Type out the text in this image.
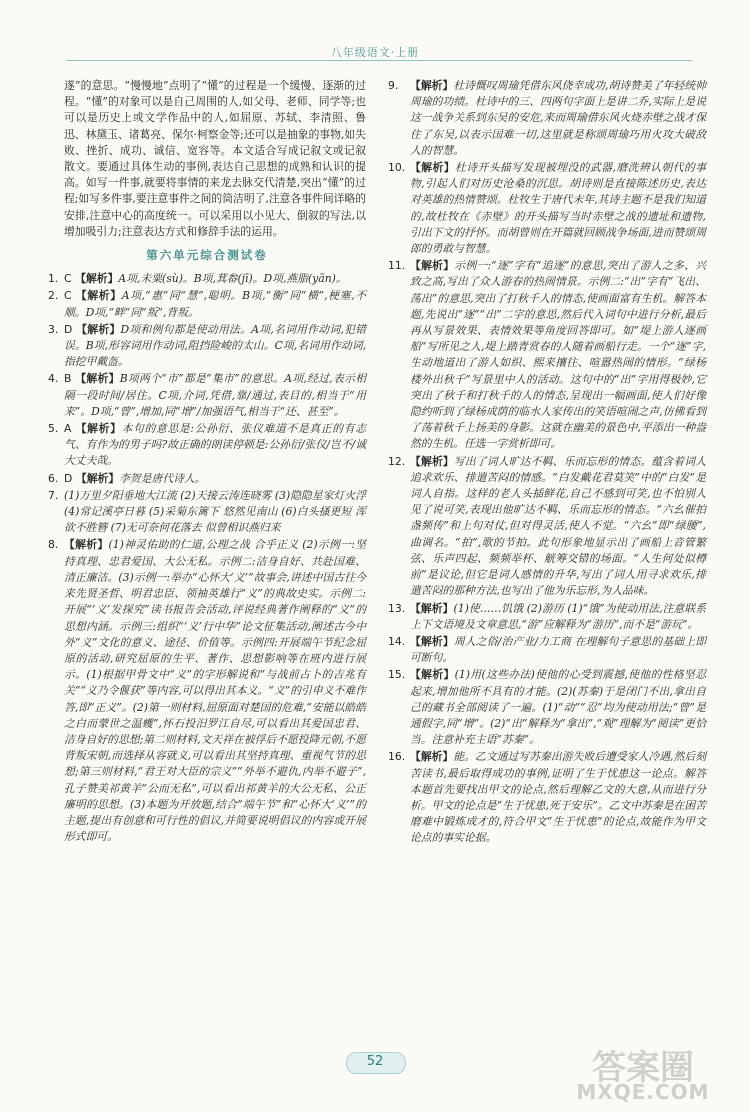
八年级语文·上册

遂”的意思。“慢慢地”点明了“懂”的过程是一个缓慢、逐渐的过程。“懂”的对象可以是自己周围的人,如父母、老师、同学等;也可以是历史上或文学作品中的人,如屈原、苏轼、李清照、鲁迅、林黛玉、诸葛亮、保尔·柯察金等;还可以是抽象的事物,如失败、挫折、成功、诚信、宽容等。本文适合写成记叙文或记叙散文。要通过具体生动的事例,表达自己思想的成熟和认识的提高。如写一件事,就要将事情的来龙去脉交代清楚,突出“懂”的过程;如写多件事,要注意事件之间的筒洁明了,注意各事件间详略的安排,注意中心的高度统一。可以采用以小见大、倒叙的写法,以增加吸引力;注意表达方式和修辞手法的运用。

第六单元综合测试卷

1. C 【解析】A项,未粟(sù)。B项,萁畚(jī)。D项,燕脂(yān)。

2. C 【解析】A项,“惠”同“慧”,聪明。B项,“衡”同“横”,梗塞,不顺。D项,“畔”同“叛”,背叛。

3. D 【解析】D项和例句都是使动用法。A项,名词用作动词,犯错误。B项,形容词用作动词,阻挡险峻的太山。C项,名词用作动词,指挖甲戴盔。

4. B 【解析】B项两个“市”都是“集市”的意思。A项,经过,表示相隔一段时间/居住。C项,介词,凭借,靠/通过,表目的,相当于“用来”。D项,“曾”,增加,同“增”/加强语气,相当于“还、甚至”。

5. A 【解析】本句的意思是:公孙衍、张仪难道不是真正的有志气、有作为的男子吗?故正确的朗读停顿是:公孙衍/张仪/岂不/诚大丈夫哉。

6. D 【解析】李贺是唐代诗人。

7. (1)万里夕阳垂地大江流 (2)天接云涛连晓雾 (3)隐隐星家灯火浮 (4)常记溪亭日暮 (5)采菊东篱下 悠然见南山 (6)白头搔更短 浑欲不胜簪 (7)无可奈何花落去 似曾相识燕归来

8. 【解析】(1)神灵佑助的仁道,公理之战 合乎正义 (2)示例一:坚持真理、忠君爱国、大公无私。示例二:洁身自好、共赴国难、清正廉洁。(3)示例一:举办“心怀大‘义’”故事会,讲述中国古往今来先贤圣哲、明君忠臣、领袖英雄行“义”的典故史实。示例二:开展“‘义’发探究”读书报告会活动,评说经典著作阐释的“义”的思想内涵。示例三:组织“‘义’行中华”论文征集活动,阐述古今中外“义”文化的意义、途径、价值等。示例四:开展端午节纪念屈原的活动,研究屈原的生平、著作、思想影响等在班内进行展示。(1)根据甲骨文中“义”的字形解说和“与战前占卜的吉兆有关”“义乃令偃获”等内容,可以得出其本义。“义”的引申义不难作答,即“正义”。(2)第一则材料,屈原面对楚国的危难,“安能以皓皓之白而蒙世之温蠖”,怀石投汨罗江自尽,可以看出其爱国忠君、洁身自好的思想;第二则材料,文天祥在被俘后不愿投降元朝,不愿背叛宋朝,而选择从容就义,可以看出其坚持真理、重视气节的思想;第三则材料,“君王对大臣的宗义”“外举不避仇,内举不避子”,孔子赞美祁黄羊“公而无私”,可以看出祁黄羊的大公无私、公正廉明的思想。(3)本题为开放题,结合“端午节”和“心怀大‘义’”的主题,提出有创意和可行性的倡议,并简要说明倡议的内容或开展形式即可。

9. 【解析】杜诗慨叹周瑜凭借东风侥幸成功,胡诗赞美了年轻统帅周瑜的功绩。杜诗中的三、四两句字面上是讲二乔,实际上是说这一战争关系到东吴的安危,来而周瑜借东风火烧赤壁之战才保住了东吴,以表示国难一切,这里就是称颂周瑜巧用火攻大破敌人的智慧。

10. 【解析】杜诗开头描写发现被埋没的武器,磨洗辨认朝代的事物,引起人们对历史沧桑的沉思。胡诗则是直接陈述历史,表达对英雄的热情赞颂。杜牧生于唐代末年,其诗主题不是我们知道的,故杜牧在《赤壁》的开头描写当时赤壁之战的遗址和遗物,引出下文的抒怀。而胡曾则在开篇就回顾战争场面,进而赞颂周郎的勇敢与智慧。

11. 【解析】示例一:“逐”字有“追逐”的意思,突出了游人之多、兴致之高,写出了众人游春的热闹情景。示例二:“出”字有“飞出、荡出”的意思,突出了打秋千人的情态,使画面富有生机。解答本题,先说出“逐”“出”二字的意思,然后代入词句中进行分析,最后再从写景效果、表情效果等角度回答即可。如“堤上游人逐画船”写所见之人,堤上踏青赏春的人随着画船行走。一个“逐”字,生动地道出了游人如织、熙来攘往、喧嚣热闹的情形。“绿杨楼外出秋千”写景里中人的活动。这句中的“出”字用得极妙,它突出了秋千和打秋千的人的情态,呈现出一幅画面,使人们好像隐约听到了绿杨成荫的临水人家传出的笑语喧闹之声,仿佛看到了荡着秋千上扬美的身影。这就在幽美的景色中,平添出一种盎然的生机。任选一字赏析即可。

12. 【解析】写出了词人旷达不羁、乐而忘形的情态。蕴含着词人追求欢乐、排遣苦闷的情感。“白发戴花君莫笑”中的“白发”是词人自指。这样的老人头插鲜花,自己不感到可笑,也不怕别人见了说可笑,表现出他旷达不羁、乐而忘形的情态。“六幺催拍盏频传”和上句对仗,但对得灵活,使人不觉。“六幺”即“绿腰”,曲调名。“拍”,歌的节拍。此句形象地显示出了画船上音管繁弦、乐声四起、频频举杯、觥筹交错的场面。“人生何处似樽前”是议论,但它是词人感情的升华,写出了词人用寻求欢乐,排遣苦闷的那种方法,也写出了他为乐忘形,为人品味。

13. 【解析】(1)使……饥饿 (2)游历 (1)“饿”为使动用法,注意联系上下文语境及文章意思,“游”应解释为“游历”,而不是“游玩”。

14. 【解析】周人之俗/治产业/力工商 在理解句子意思的基础上即可断句。

15. 【解析】(1)用(这些办法)使他的心受到震撼,使他的性格坚忍起来,增加他所不具有的才能。(2)(苏秦)于是闭门不出,拿出自己的藏书全部阅读了一遍。(1)“动”“忍”均为使动用法;“曾”是通假字,同“增”。(2)“出”解释为“拿出”,“观”理解为“阅读”更恰当。注意补充主语“苏秦”。

16. 【解析】能。乙文通过写苏秦出游失败后遭受家人冷遇,然后刻苦读书,最后取得成功的事例,证明了生于忧患这一论点。解答本题首先要找出甲文的论点,然后理解乙文的大意,从而进行分析。甲文的论点是“生于忧患,死于安乐”。乙文中苏秦是在困苦磨难中锻炼成才的,符合甲文“生于忧患”的论点,故能作为甲文论点的事实论据。

52	答案圈
MXQE.COM
